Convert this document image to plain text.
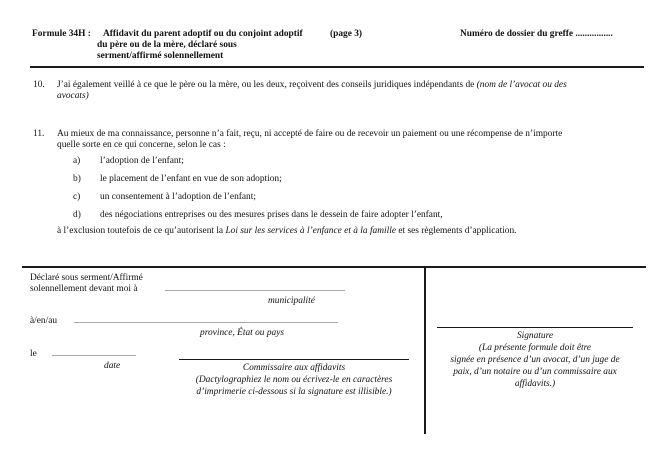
Formule 34H : Affidavit du parent adoptif ou du conjoint adoptif	(page 3)
du père ou de la mère, déclaré sous
serment/affirmé solennellement
Numéro de dossier du greffe ................
10. J’ai également veillé à ce que le père ou la mère, ou les deux, reçoivent des conseils juridiques indépendants de (nom de l’avocat ou des
avocats)
11. Au mieux de ma connaissance, personne n’a fait, reçu, ni accepté de faire ou de recevoir un paiement ou une récompense de n’importe
quelle sorte en ce qui concerne, selon le cas :
a) l’adoption de l’enfant;
b) le placement de l’enfant en vue de son adoption;
c) un consentement à l’adoption de l’enfant;
d) des négociations entreprises ou des mesures prises dans le dessein de faire adopter l’enfant,
à l’exclusion toutefois de ce qu’autorisent la Loi sur les services à l’enfance et à la famille et ses règlements d’application.
Déclaré sous serment/Affirmé
solennellement devant moi à	..........................................................................................
municipalité
à/en/au ....................................................................................................................................
province, État ou pays
le ..........................................
date	Commissaire aux affidavits
(Dactylographiez le nom ou écrivez-le en caractères
d’imprimerie ci-dessous si la signature est illisible.)
Signature
(La présente formule doit être
signée en présence d’un avocat, d’un juge de
paix, d’un notaire ou d’un commissaire aux
affidavits.)
